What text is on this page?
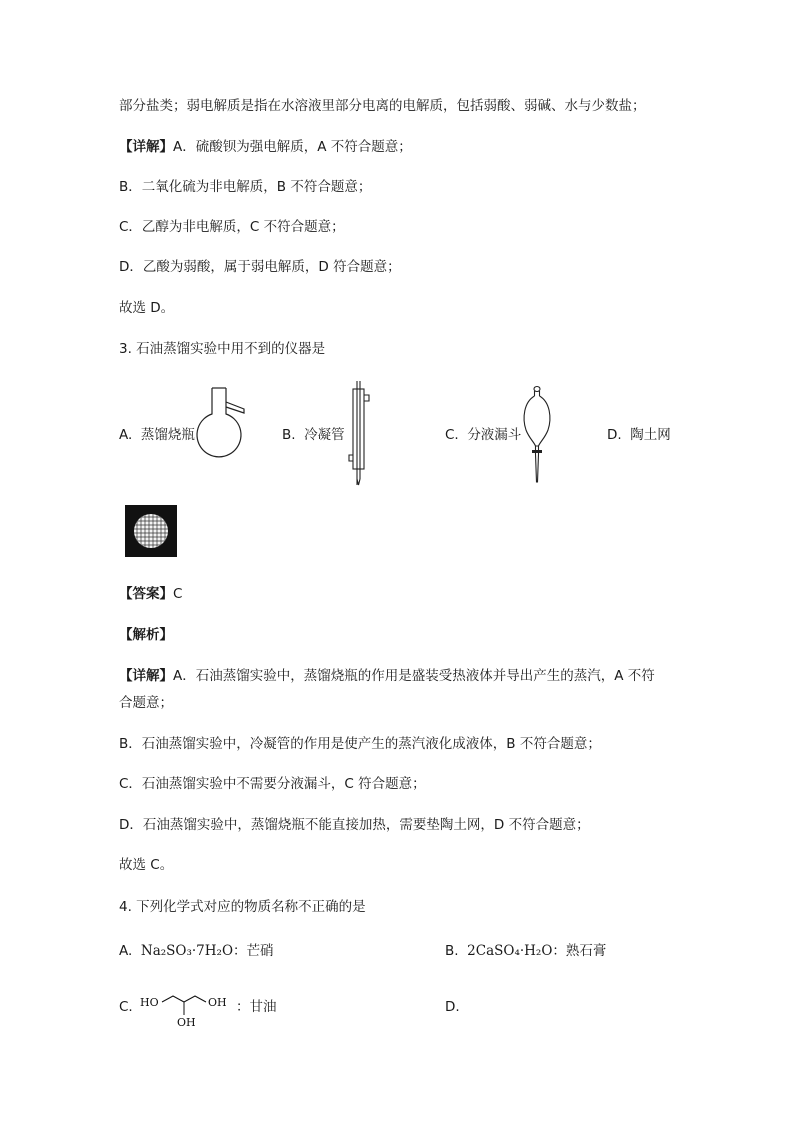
部分盐类；弱电解质是指在水溶液里部分电离的电解质，包括弱酸、弱碱、水与少数盐；
【详解】A．硫酸钡为强电解质，A 不符合题意；
B．二氧化硫为非电解质，B 不符合题意；
C．乙醇为非电解质，C 不符合题意；
D．乙酸为弱酸，属于弱电解质，D 符合题意；
故选 D。
3. 石油蒸馏实验中用不到的仪器是
A. 蒸馏烧瓶	B. 冷凝管	C. 分液漏斗	D. 陶土网
【答案】C
【解析】
【详解】A．石油蒸馏实验中，蒸馏烧瓶的作用是盛装受热液体并导出产生的蒸汽，A 不符
合题意；
B．石油蒸馏实验中，冷凝管的作用是使产生的蒸汽液化成液体，B 不符合题意；
C．石油蒸馏实验中不需要分液漏斗，C 符合题意；
D．石油蒸馏实验中，蒸馏烧瓶不能直接加热，需要垫陶土网，D 不符合题意；
故选 C。
4. 下列化学式对应的物质名称不正确的是
A. Na₂SO₃·7H₂O：芒硝	B. 2CaSO₄·H₂O：熟石膏
C. HO	OH
OH
：甘油	D.
